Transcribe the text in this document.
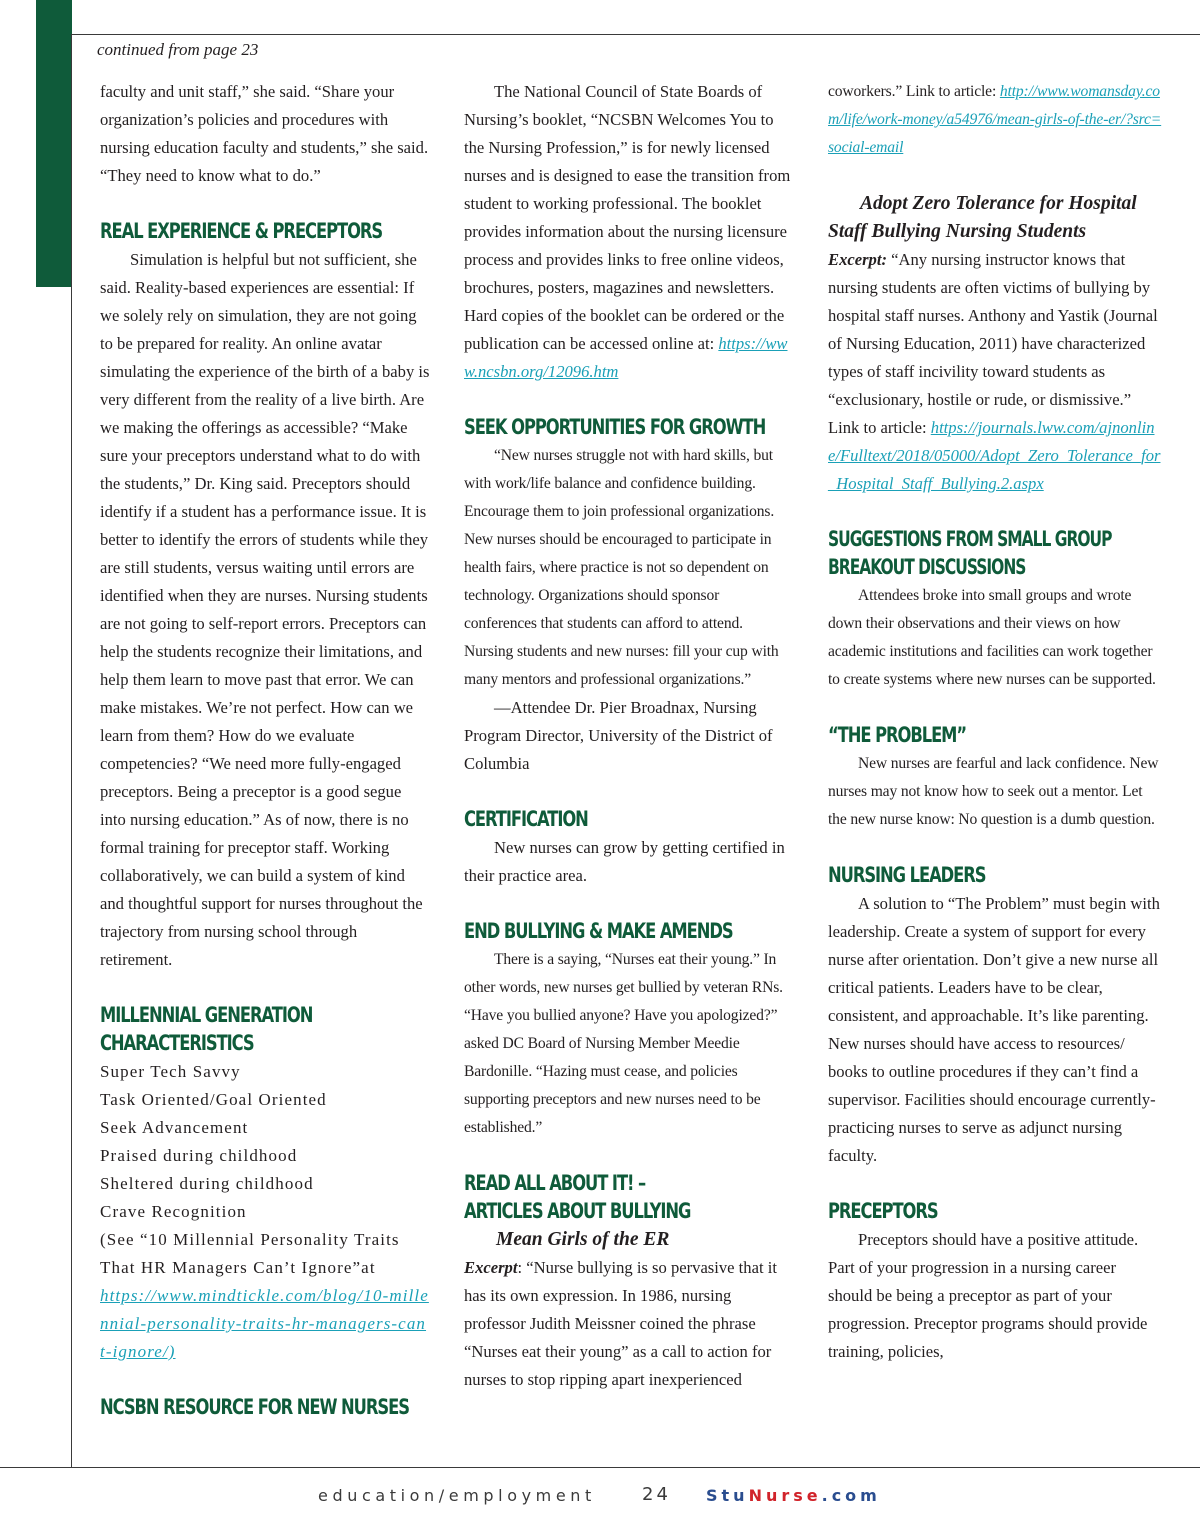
continued from page 23

faculty and unit staff,” she said. “Share your organization’s policies and procedures with nursing education faculty and students,” she said. “They need to know what to do.”

REAL EXPERIENCE & PRECEPTORS

Simulation is helpful but not sufficient, she said. Reality-based experiences are essential: If we solely rely on simulation, they are not going to be prepared for reality. An online avatar simulating the experience of the birth of a baby is very different from the reality of a live birth. Are we making the offerings as accessible? “Make sure your preceptors understand what to do with the students,” Dr. King said. Preceptors should identify if a student has a performance issue. It is better to identify the errors of students while they are still students, versus waiting until errors are identified when they are nurses. Nursing students are not going to self-report errors. Preceptors can help the students recognize their limitations, and help them learn to move past that error. We can make mistakes. We’re not perfect. How can we learn from them? How do we evaluate competencies? “We need more fully-engaged preceptors. Being a preceptor is a good segue into nursing education.” As of now, there is no formal training for preceptor staff. Working collaboratively, we can build a system of kind and thoughtful support for nurses throughout the trajectory from nursing school through retirement.

MILLENNIAL GENERATION
CHARACTERISTICS
Super Tech Savvy
Task Oriented/Goal Oriented
Seek Advancement
Praised during childhood
Sheltered during childhood
Crave Recognition
(See “10 Millennial Personality Traits That HR Managers Can’t Ignore”at
https://www.mindtickle.com/blog/10-millennial-personality-traits-hr-managers-cant-ignore/)
NCSBN RESOURCE FOR NEW NURSES

The National Council of State Boards of Nursing’s booklet, “NCSBN Welcomes You to the Nursing Profession,” is for newly licensed nurses and is designed to ease the transition from student to working professional. The booklet provides information about the nursing licensure process and provides links to free online videos, brochures, posters, magazines and newsletters. Hard copies of the booklet can be ordered or the publication can be accessed online at: https://www.ncsbn.org/12096.htm

SEEK OPPORTUNITIES FOR GROWTH

“New nurses struggle not with hard skills, but with work/life balance and confidence building. Encourage them to join professional organizations. New nurses should be encouraged to participate in health fairs, where practice is not so dependent on technology. Organizations should sponsor conferences that students can afford to attend. Nursing students and new nurses: fill your cup with many mentors and professional organizations.”

—Attendee Dr. Pier Broadnax, Nursing Program Director, University of the District of Columbia

CERTIFICATION

New nurses can grow by getting certified in their practice area.

END BULLYING & MAKE AMENDS

There is a saying, “Nurses eat their young.” In other words, new nurses get bullied by veteran RNs. “Have you bullied anyone? Have you apologized?” asked DC Board of Nursing Member Meedie Bardonille. “Hazing must cease, and policies supporting preceptors and new nurses need to be established.”

READ ALL ABOUT IT! –
ARTICLES ABOUT BULLYING
Mean Girls of the ER

Excerpt: “Nurse bullying is so pervasive that it has its own expression. In 1986, nursing professor Judith Meissner coined the phrase “Nurses eat their young” as a call to action for nurses to stop ripping apart inexperienced

coworkers.” Link to article: http://www.womansday.com/life/work-money/a54976/mean-girls-of-the-er/?src=social-email

Adopt Zero Tolerance for Hospital
Staff Bullying Nursing Students

Excerpt: “Any nursing instructor knows that nursing students are often victims of bullying by hospital staff nurses. Anthony and Yastik (Journal of Nursing Education, 2011) have characterized types of staff incivility toward students as “exclusionary, hostile or rude, or dismissive.” Link to article: https://journals.lww.com/ajnonline/Fulltext/2018/05000/Adopt_Zero_Tolerance_for_Hospital_Staff_Bullying.2.aspx

SUGGESTIONS FROM SMALL GROUP
BREAKOUT DISCUSSIONS

Attendees broke into small groups and wrote down their observations and their views on how academic institutions and facilities can work together to create systems where new nurses can be supported.

“THE PROBLEM”

New nurses are fearful and lack confidence. New nurses may not know how to seek out a mentor. Let the new nurse know: No question is a dumb question.

NURSING LEADERS

A solution to “The Problem” must begin with leadership. Create a system of support for every nurse after orientation. Don’t give a new nurse all critical patients. Leaders have to be clear, consistent, and approachable. It’s like parenting. New nurses should have access to resources/ books to outline procedures if they can’t find a supervisor. Facilities should encourage currently-practicing nurses to serve as adjunct nursing faculty.

PRECEPTORS

Preceptors should have a positive attitude. Part of your progression in a nursing career should be being a preceptor as part of your progression. Preceptor programs should provide training, policies,

education/employment	24 StuNurse.com
